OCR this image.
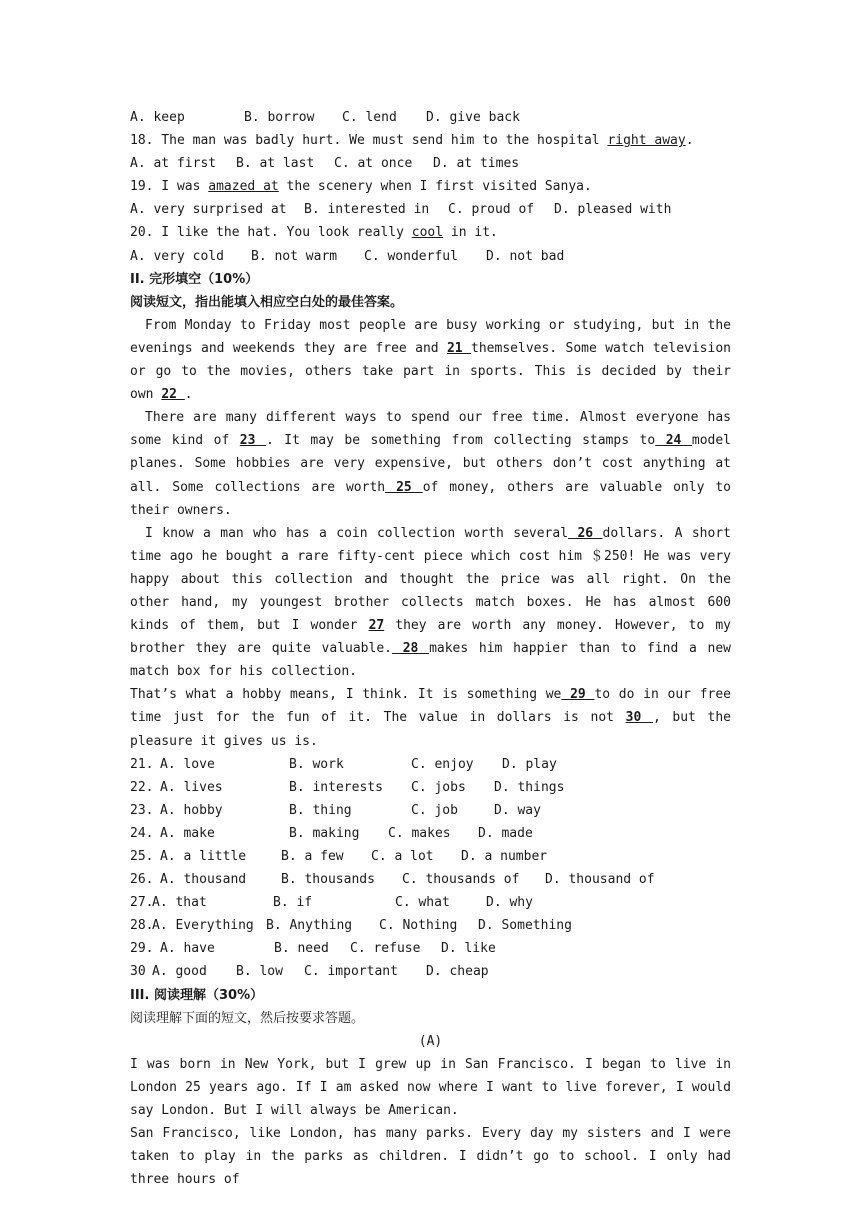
A. keep	B. borrow	C. lend	D. give back
18. The man was badly hurt. We must send him to the hospital right away.
A. at first	B. at last	C. at once	D. at times
19. I was amazed at the scenery when I first visited Sanya.
A. very surprised at	B. interested in	C. proud of	D. pleased with
20. I like the hat. You look really cool in it.
A. very cold	B. not warm	C. wonderful	D. not bad
II. 完形填空（10%）
阅读短文，指出能填入相应空白处的最佳答案。
From Monday to Friday most people are busy working or studying, but in the evenings and weekends they are free and 21 themselves. Some watch television or go to the movies, others take part in sports. This is decided by their own 22 .
There are many different ways to spend our free time. Almost everyone has some kind of 23 . It may be something from collecting stamps to 24 model planes. Some hobbies are very expensive, but others don’t cost anything at all. Some collections are worth 25 of money, others are valuable only to their owners.
I know a man who has a coin collection worth several 26 dollars. A short time ago he bought a rare fifty-cent piece which cost him ＄250! He was very happy about this collection and thought the price was all right. On the other hand, my youngest brother collects match boxes. He has almost 600 kinds of them, but I wonder 27 they are worth any money. However, to my brother they are quite valuable. 28 makes him happier than to find a new match box for his collection.
That’s what a hobby means, I think. It is something we 29 to do in our free time just for the fun of it. The value in dollars is not 30 , but the pleasure it gives us is.
21.
A. love	B. work	C. enjoy	D. play
22.
A. lives	B. interests	C. jobs	D. things
23.
A. hobby	B. thing	C. job	D. way
24.
A. make	B. making	C. makes	D. made
25.
A. a little	B. a few	C. a lot	D. a number
26.
A. thousand	B. thousands	C. thousands of	D. thousand of
27.
A. that	B. if	C. what	D. why
28.
A. Everything B. Anything	C. Nothing	D. Something
29.
A. have	B. need	C. refuse	D. like
30
A. good	B. low	C. important	D. cheap
III. 阅读理解（30%）
阅读理解下面的短文，然后按要求答题。
(A)
I was born in New York, but I grew up in San Francisco. I began to live in London 25 years ago. If I am asked now where I want to live forever, I would say London. But I will always be American.
San Francisco, like London, has many parks. Every day my sisters and I were taken to play in the parks as children. I didn’t go to school. I only had three hours of
